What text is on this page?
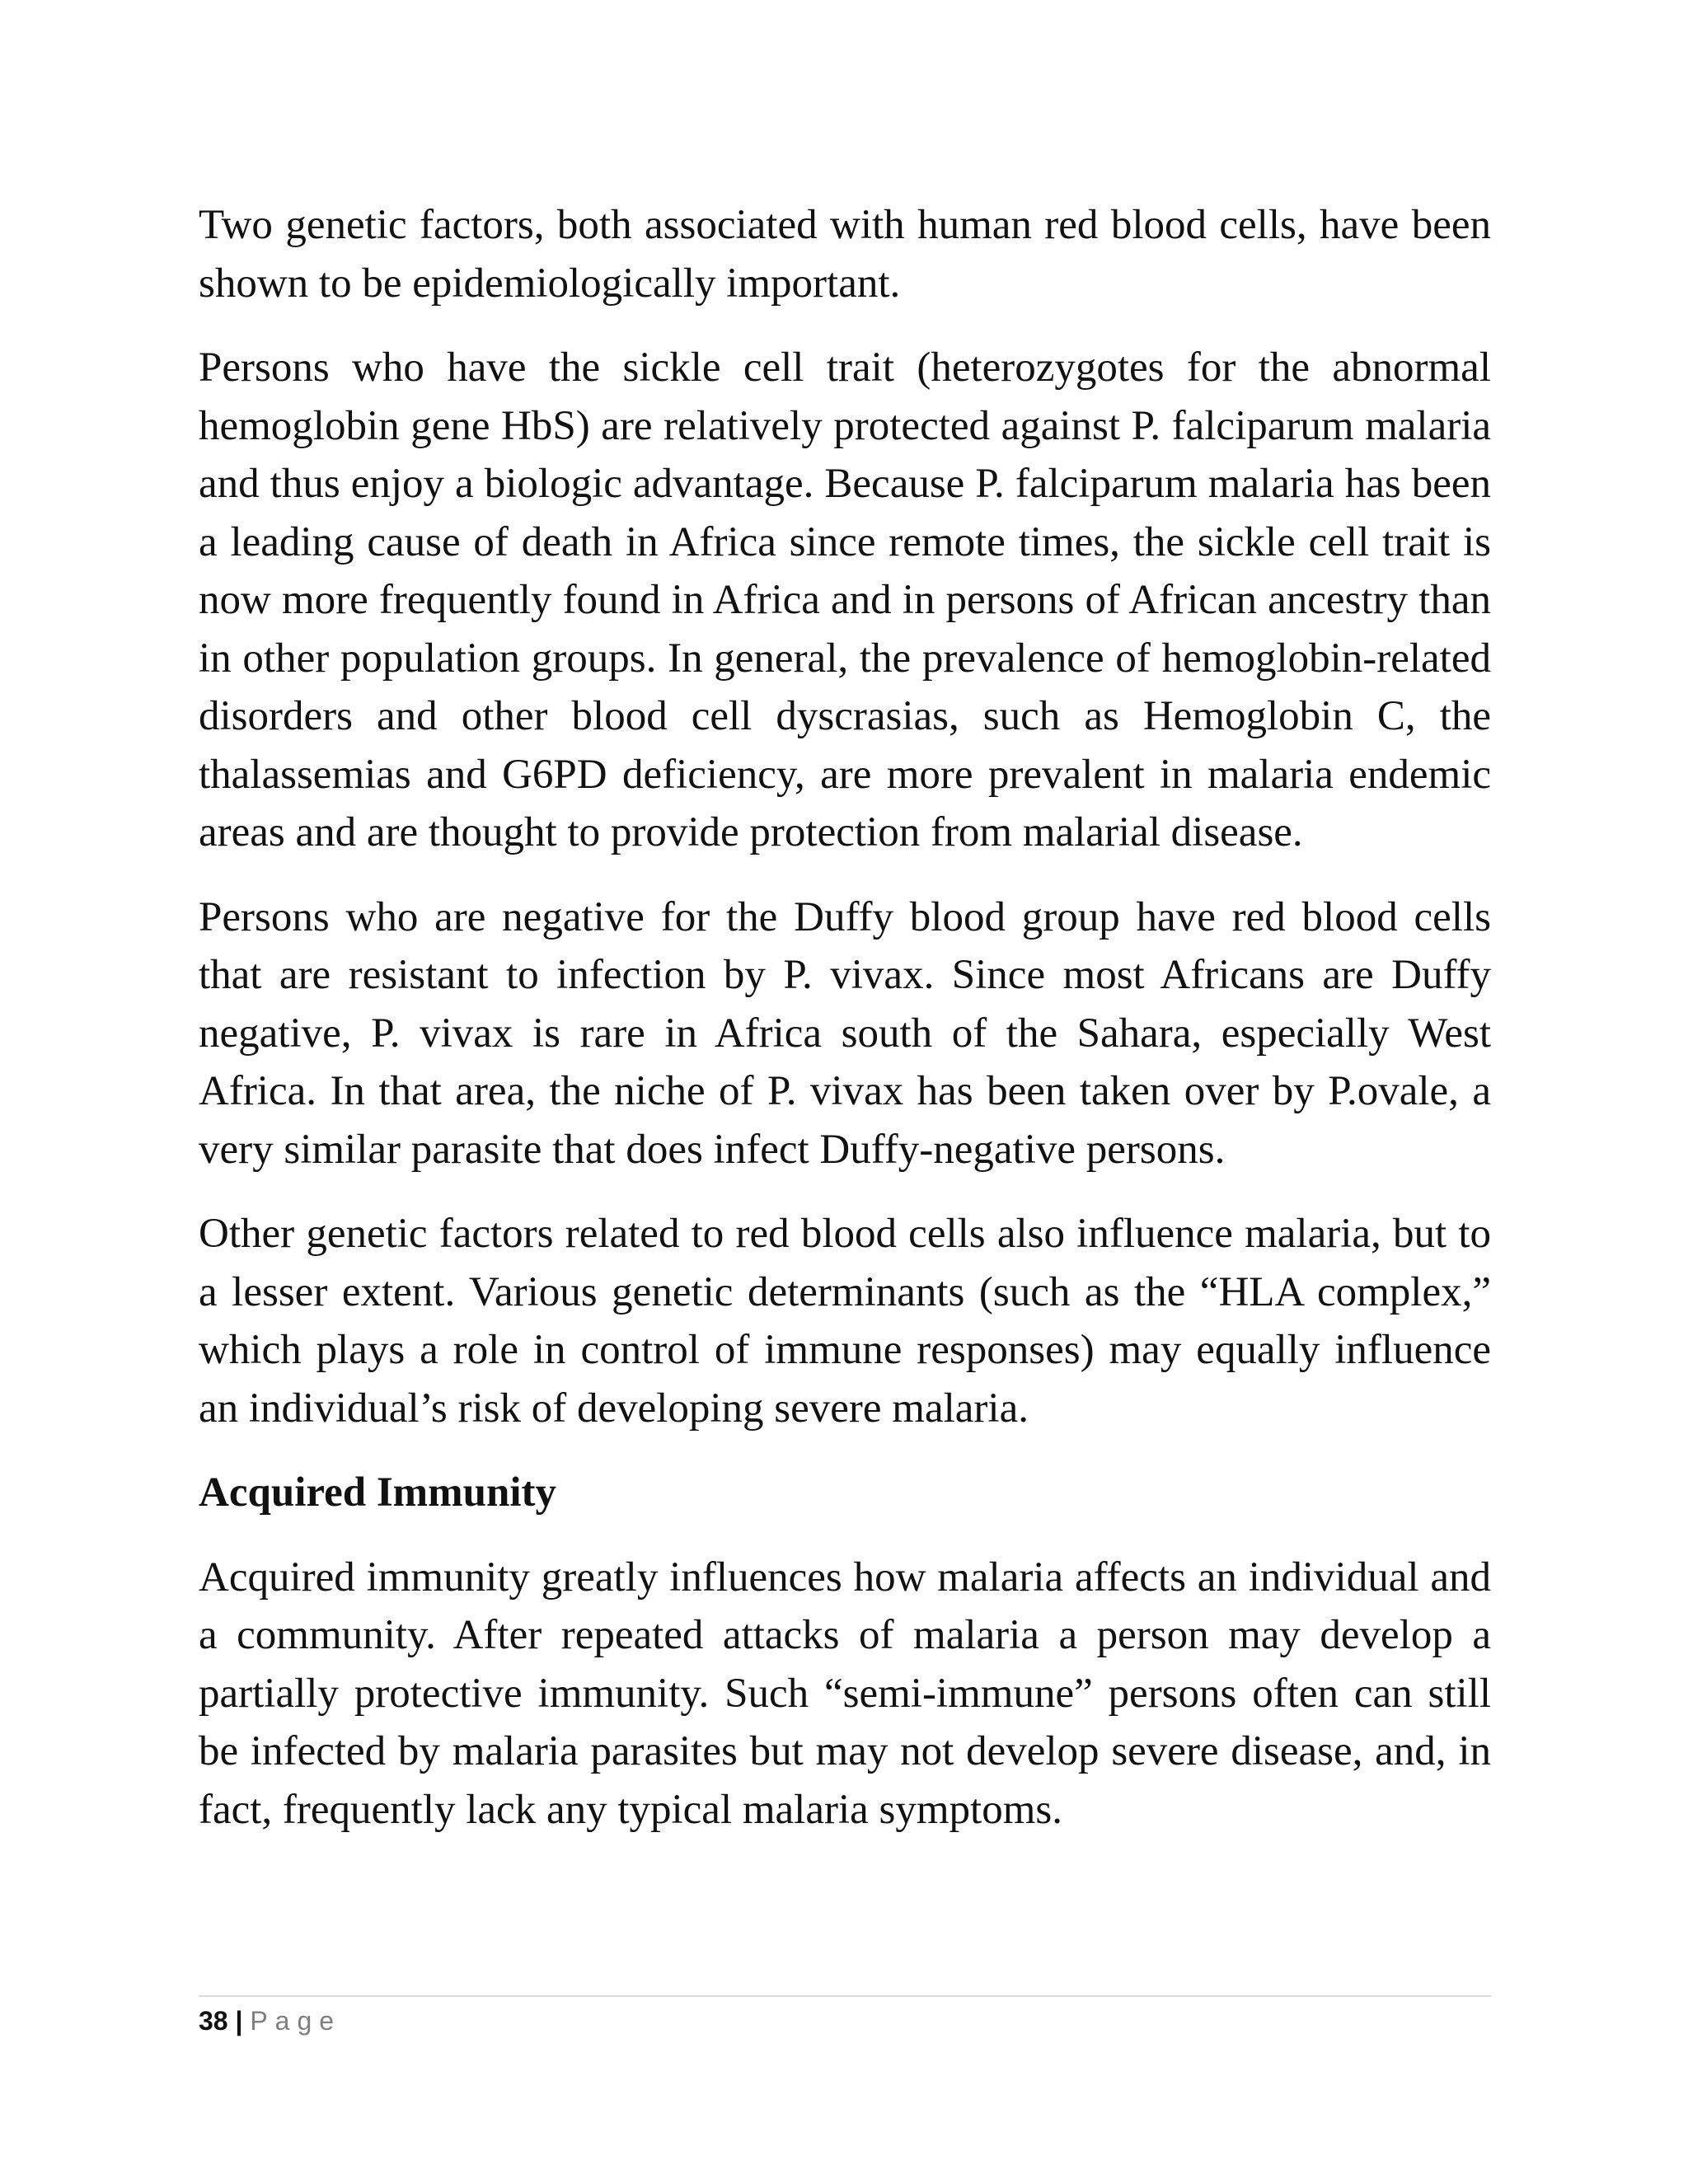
Two genetic factors, both associated with human red blood cells, have been shown to be epidemiologically important.

Persons who have the sickle cell trait (heterozygotes for the abnormal hemoglobin gene HbS) are relatively protected against P. falciparum malaria and thus enjoy a biologic advantage. Because P. falciparum malaria has been a leading cause of death in Africa since remote times, the sickle cell trait is now more frequently found in Africa and in persons of African ancestry than in other population groups. In general, the prevalence of hemoglobin-related disorders and other blood cell dyscrasias, such as Hemoglobin C, the thalassemias and G6PD deficiency, are more prevalent in malaria endemic areas and are thought to provide protection from malarial disease.

Persons who are negative for the Duffy blood group have red blood cells that are resistant to infection by P. vivax. Since most Africans are Duffy negative, P. vivax is rare in Africa south of the Sahara, especially West Africa. In that area, the niche of P. vivax has been taken over by P.ovale, a very similar parasite that does infect Duffy-negative persons.

Other genetic factors related to red blood cells also influence malaria, but to a lesser extent. Various genetic determinants (such as the “HLA complex,” which plays a role in control of immune responses) may equally influence an individual’s risk of developing severe malaria.

Acquired Immunity

Acquired immunity greatly influences how malaria affects an individual and a community. After repeated attacks of malaria a person may develop a partially protective immunity. Such “semi-immune” persons often can still be infected by malaria parasites but may not develop severe disease, and, in fact, frequently lack any typical malaria symptoms.

38 | Page
